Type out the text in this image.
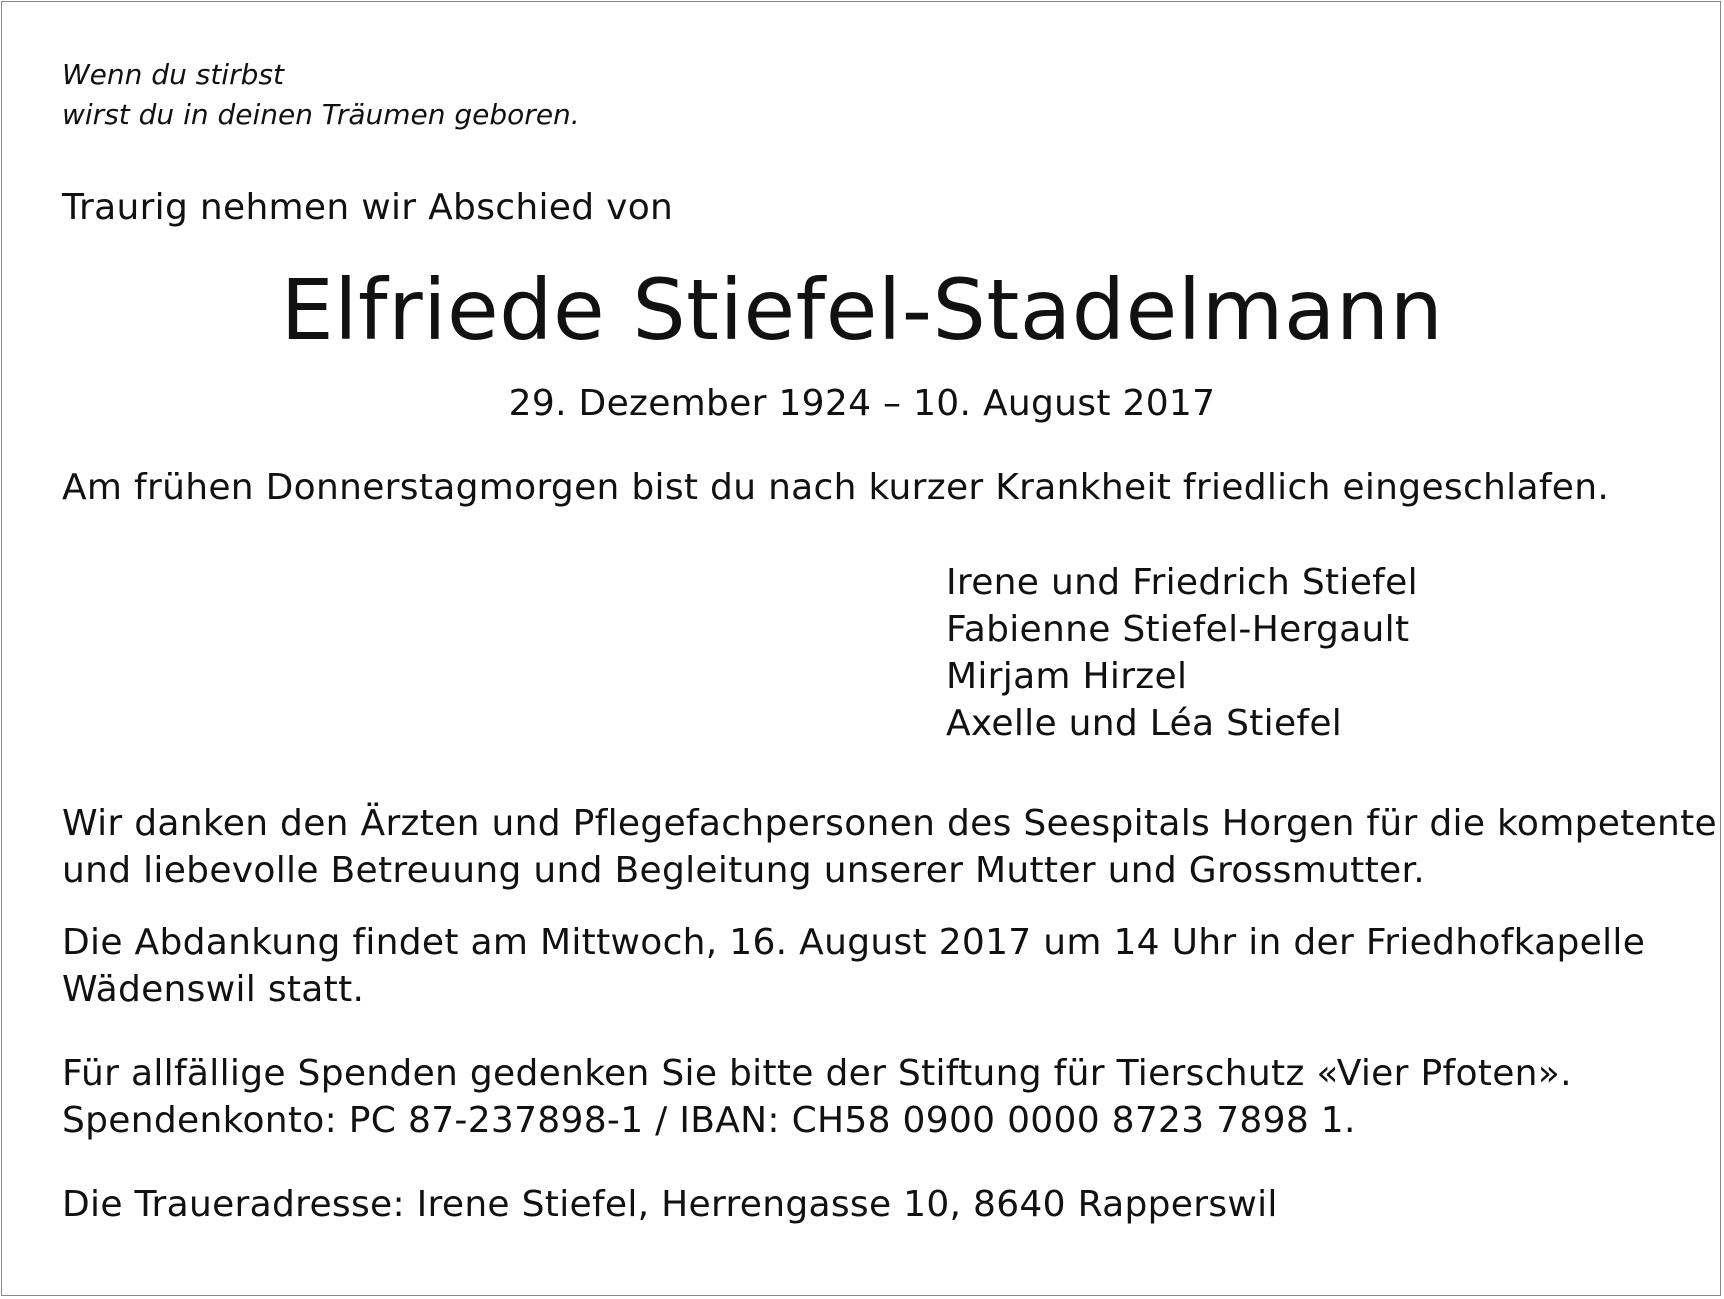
Wenn du stirbst
wirst du in deinen Träumen geboren.
Traurig nehmen wir Abschied von
Elfriede Stiefel-Stadelmann
29. Dezember 1924 – 10. August 2017
Am frühen Donnerstagmorgen bist du nach kurzer Krankheit friedlich eingeschlafen.
Irene und Friedrich Stiefel
Fabienne Stiefel-Hergault
Mirjam Hirzel
Axelle und Léa Stiefel
Wir danken den Ärzten und Pflegefachpersonen des Seespitals Horgen für die kompetente
und liebevolle Betreuung und Begleitung unserer Mutter und Grossmutter.
Die Abdankung findet am Mittwoch, 16. August 2017 um 14 Uhr in der Friedhofkapelle
Wädenswil statt.
Für allfällige Spenden gedenken Sie bitte der Stiftung für Tierschutz «Vier Pfoten».
Spendenkonto: PC 87-237898-1 / IBAN: CH58 0900 0000 8723 7898 1.
Die Traueradresse: Irene Stiefel, Herrengasse 10, 8640 Rapperswil
